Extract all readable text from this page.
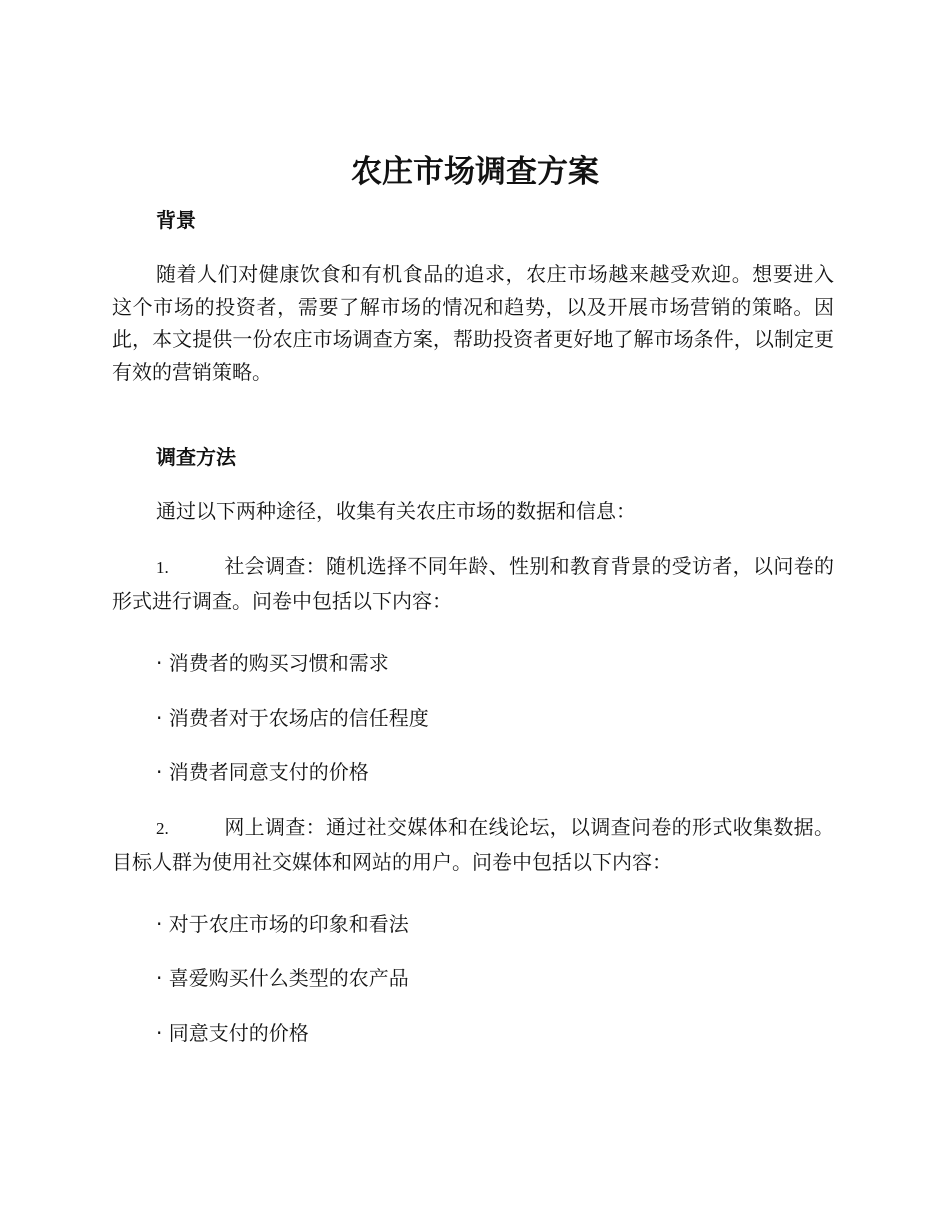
农庄市场调查方案
背景

随着人们对健康饮食和有机食品的追求，农庄市场越来越受欢迎。想要进入这个市场的投资者，需要了解市场的情况和趋势，以及开展市场营销的策略。因此，本文提供一份农庄市场调查方案，帮助投资者更好地了解市场条件，以制定更有效的营销策略。

调查方法

通过以下两种途径，收集有关农庄市场的数据和信息：

1.	社会调查：随机选择不同年龄、性别和教育背景的受访者，以问卷的形式进行调查。问卷中包括以下内容：

· 消费者的购买习惯和需求

· 消费者对于农场店的信任程度

· 消费者同意支付的价格

2.	网上调查：通过社交媒体和在线论坛，以调查问卷的形式收集数据。目标人群为使用社交媒体和网站的用户。问卷中包括以下内容：

· 对于农庄市场的印象和看法

· 喜爱购买什么类型的农产品

· 同意支付的价格
